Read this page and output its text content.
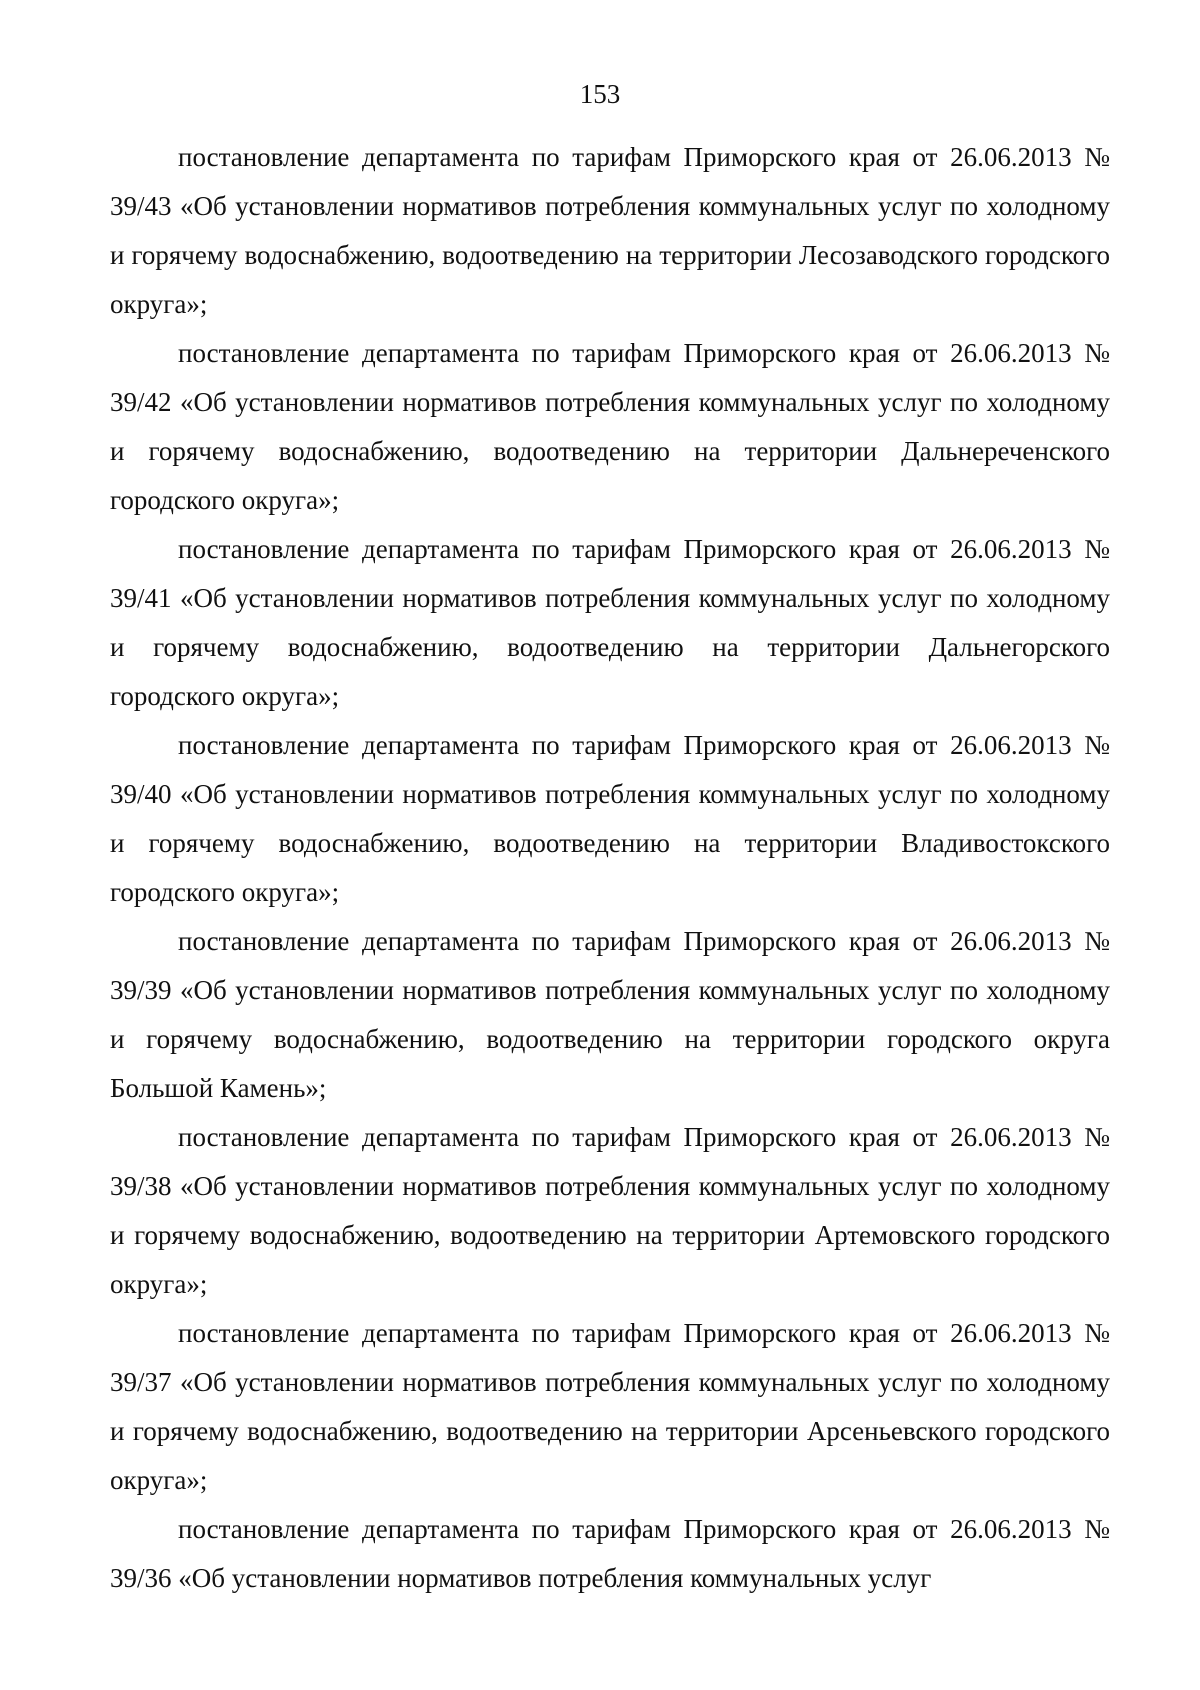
153

постановление департамента по тарифам Приморского края от 26.06.2013 № 39/43 «Об установлении нормативов потребления коммунальных услуг по холодному и горячему водоснабжению, водоотведению на территории Лесозаводского городского округа»;

постановление департамента по тарифам Приморского края от 26.06.2013 № 39/42 «Об установлении нормативов потребления коммунальных услуг по холодному и горячему водоснабжению, водоотведению на территории Дальнереченского городского округа»;

постановление департамента по тарифам Приморского края от 26.06.2013 № 39/41 «Об установлении нормативов потребления коммунальных услуг по холодному и горячему водоснабжению, водоотведению на территории Дальнегорского городского округа»;

постановление департамента по тарифам Приморского края от 26.06.2013 № 39/40 «Об установлении нормативов потребления коммунальных услуг по холодному и горячему водоснабжению, водоотведению на территории Владивостокского городского округа»;

постановление департамента по тарифам Приморского края от 26.06.2013 № 39/39 «Об установлении нормативов потребления коммунальных услуг по холодному и горячему водоснабжению, водоотведению на территории городского округа Большой Камень»;

постановление департамента по тарифам Приморского края от 26.06.2013 № 39/38 «Об установлении нормативов потребления коммунальных услуг по холодному и горячему водоснабжению, водоотведению на территории Артемовского городского округа»;

постановление департамента по тарифам Приморского края от 26.06.2013 № 39/37 «Об установлении нормативов потребления коммунальных услуг по холодному и горячему водоснабжению, водоотведению на территории Арсеньевского городского округа»;

постановление департамента по тарифам Приморского края от 26.06.2013 № 39/36 «Об установлении нормативов потребления коммунальных услуг
